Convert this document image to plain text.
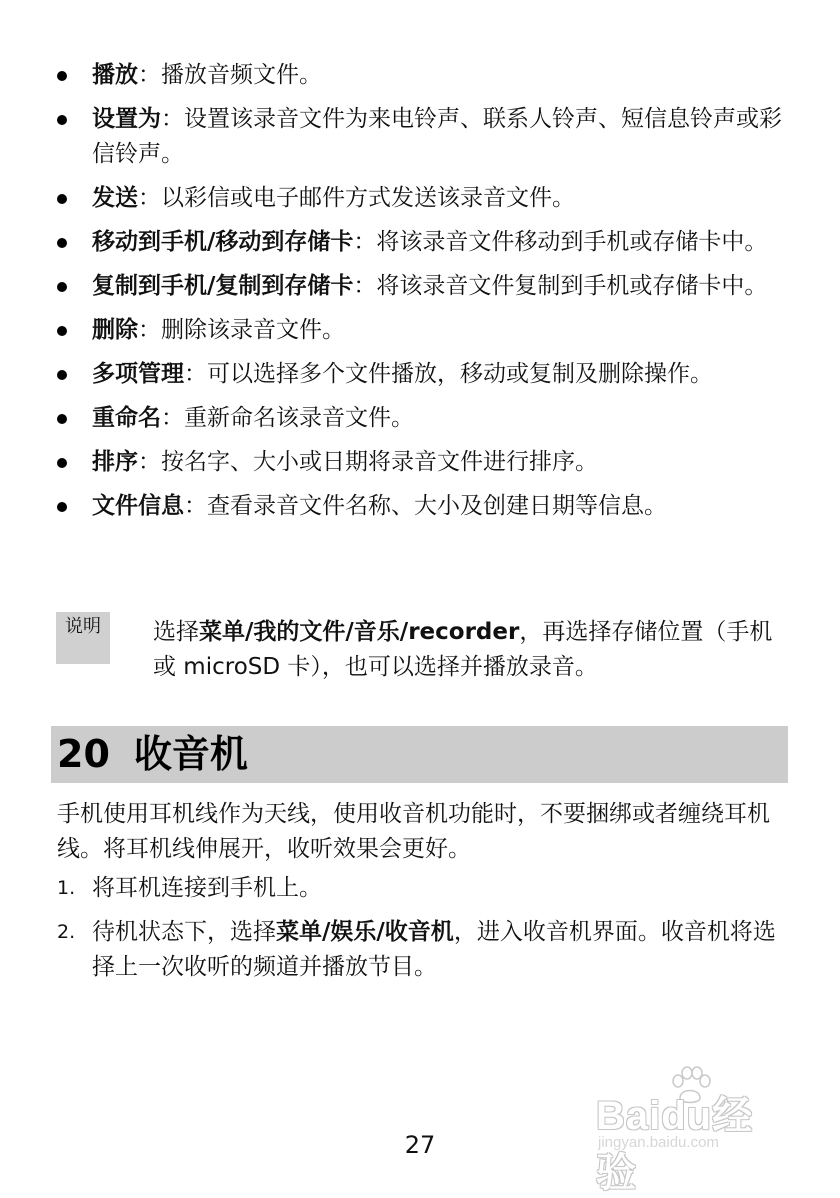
播放：播放音频文件。
设置为：设置该录音文件为来电铃声、联系人铃声、短信息铃声或彩信铃声。
发送：以彩信或电子邮件方式发送该录音文件。
移动到手机/移动到存储卡：将该录音文件移动到手机或存储卡中。
复制到手机/复制到存储卡：将该录音文件复制到手机或存储卡中。
删除：删除该录音文件。
多项管理：可以选择多个文件播放，移动或复制及删除操作。
重命名：重新命名该录音文件。
排序：按名字、大小或日期将录音文件进行排序。
文件信息：查看录音文件名称、大小及创建日期等信息。
说明	选择菜单/我的文件/音乐/recorder，再选择存储位置（手机或 microSD 卡），也可以选择并播放录音。
20 收音机

手机使用耳机线作为天线，使用收音机功能时，不要捆绑或者缠绕耳机线。将耳机线伸展开，收听效果会更好。

1. 将耳机连接到手机上。
2. 待机状态下，选择菜单/娱乐/收音机，进入收音机界面。收音机将选择上一次收听的频道并播放节目。
Baidu经验
jingyan.baidu.com
27
